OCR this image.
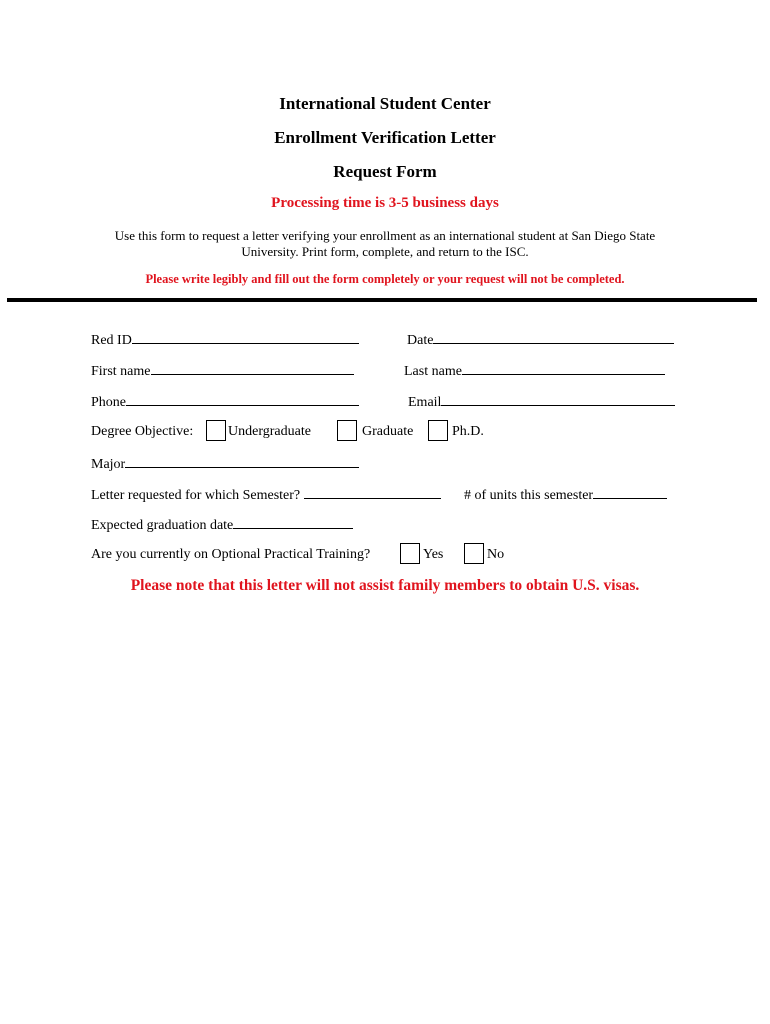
International Student Center
Enrollment Verification Letter
Request Form
Processing time is 3-5 business days
Use this form to request a letter verifying your enrollment as an international student at San Diego State
University. Print form, complete, and return to the ISC.
Please write legibly and fill out the form completely or your request will not be completed.
Red ID	Date
First name	Last name
Phone	Email
Degree Objective: Undergraduate	Graduate	Ph.D.
Major
Letter requested for which Semester?	# of units this semester
Expected graduation date
Are you currently on Optional Practical Training?	Yes	No
Please note that this letter will not assist family members to obtain U.S. visas.
